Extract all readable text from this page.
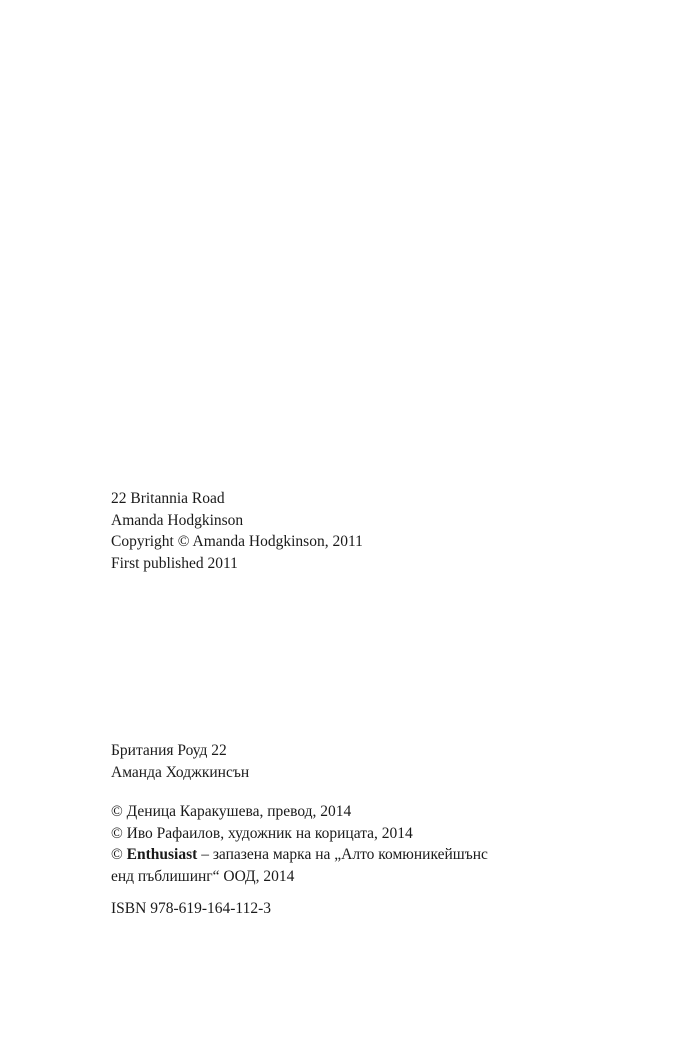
22 Britannia Road
Amanda Hodgkinson
Copyright © Amanda Hodgkinson, 2011
First published 2011
Британия Роуд 22
Аманда Ходжкинсън
© Деница Каракушева, превод, 2014
© Иво Рафаилов, художник на корицата, 2014
© Enthusiast – запазена марка на „Алто комюникейшънс
енд пъблишинг“ ООД, 2014
ISBN 978-619-164-112-3
